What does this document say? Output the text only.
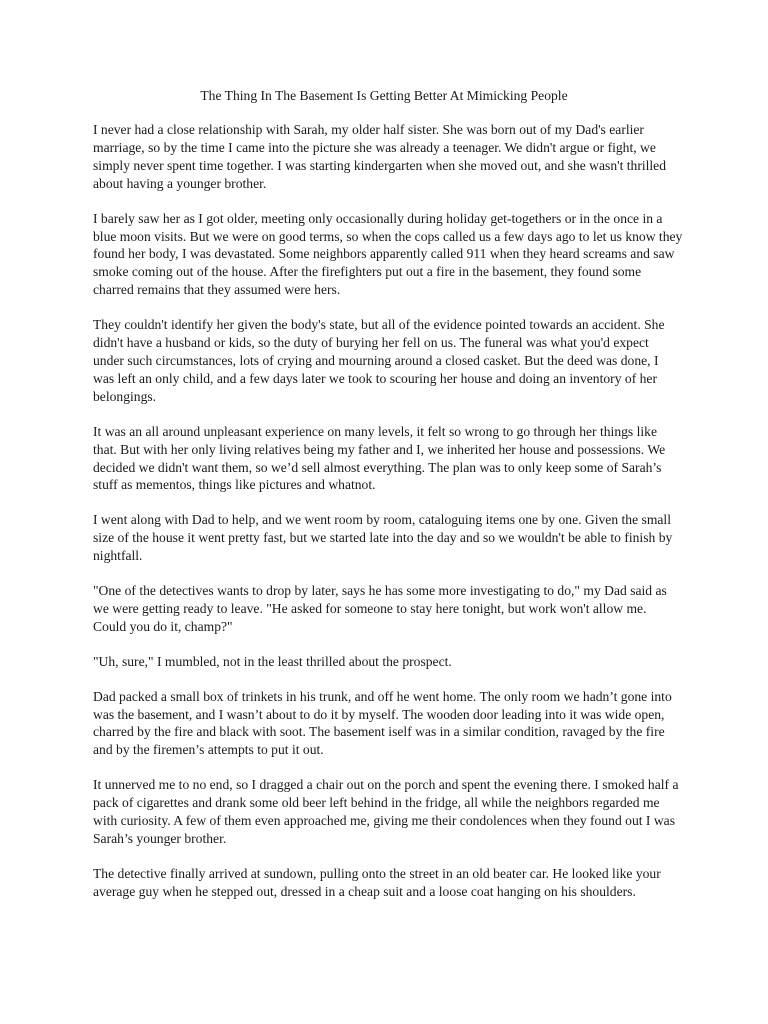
The Thing In The Basement Is Getting Better At Mimicking People

I never had a close relationship with Sarah, my older half sister. She was born out of my Dad's earlier marriage, so by the time I came into the picture she was already a teenager. We didn't argue or fight, we simply never spent time together. I was starting kindergarten when she moved out, and she wasn't thrilled about having a younger brother.

I barely saw her as I got older, meeting only occasionally during holiday get-togethers or in the once in a blue moon visits. But we were on good terms, so when the cops called us a few days ago to let us know they found her body, I was devastated. Some neighbors apparently called 911 when they heard screams and saw smoke coming out of the house. After the firefighters put out a fire in the basement, they found some charred remains that they assumed were hers.

They couldn't identify her given the body's state, but all of the evidence pointed towards an accident. She didn't have a husband or kids, so the duty of burying her fell on us. The funeral was what you'd expect under such circumstances, lots of crying and mourning around a closed casket. But the deed was done, I was left an only child, and a few days later we took to scouring her house and doing an inventory of her belongings.

It was an all around unpleasant experience on many levels, it felt so wrong to go through her things like that. But with her only living relatives being my father and I, we inherited her house and possessions. We decided we didn't want them, so we’d sell almost everything. The plan was to only keep some of Sarah’s stuff as mementos, things like pictures and whatnot.

I went along with Dad to help, and we went room by room, cataloguing items one by one. Given the small size of the house it went pretty fast, but we started late into the day and so we wouldn't be able to finish by nightfall.

"One of the detectives wants to drop by later, says he has some more investigating to do," my Dad said as we were getting ready to leave. "He asked for someone to stay here tonight, but work won't allow me. Could you do it, champ?"

"Uh, sure," I mumbled, not in the least thrilled about the prospect.

Dad packed a small box of trinkets in his trunk, and off he went home. The only room we hadn’t gone into was the basement, and I wasn’t about to do it by myself. The wooden door leading into it was wide open, charred by the fire and black with soot. The basement iself was in a similar condition, ravaged by the fire and by the firemen’s attempts to put it out.

It unnerved me to no end, so I dragged a chair out on the porch and spent the evening there. I smoked half a pack of cigarettes and drank some old beer left behind in the fridge, all while the neighbors regarded me with curiosity. A few of them even approached me, giving me their condolences when they found out I was Sarah’s younger brother.

The detective finally arrived at sundown, pulling onto the street in an old beater car. He looked like your average guy when he stepped out, dressed in a cheap suit and a loose coat hanging on his shoulders.
